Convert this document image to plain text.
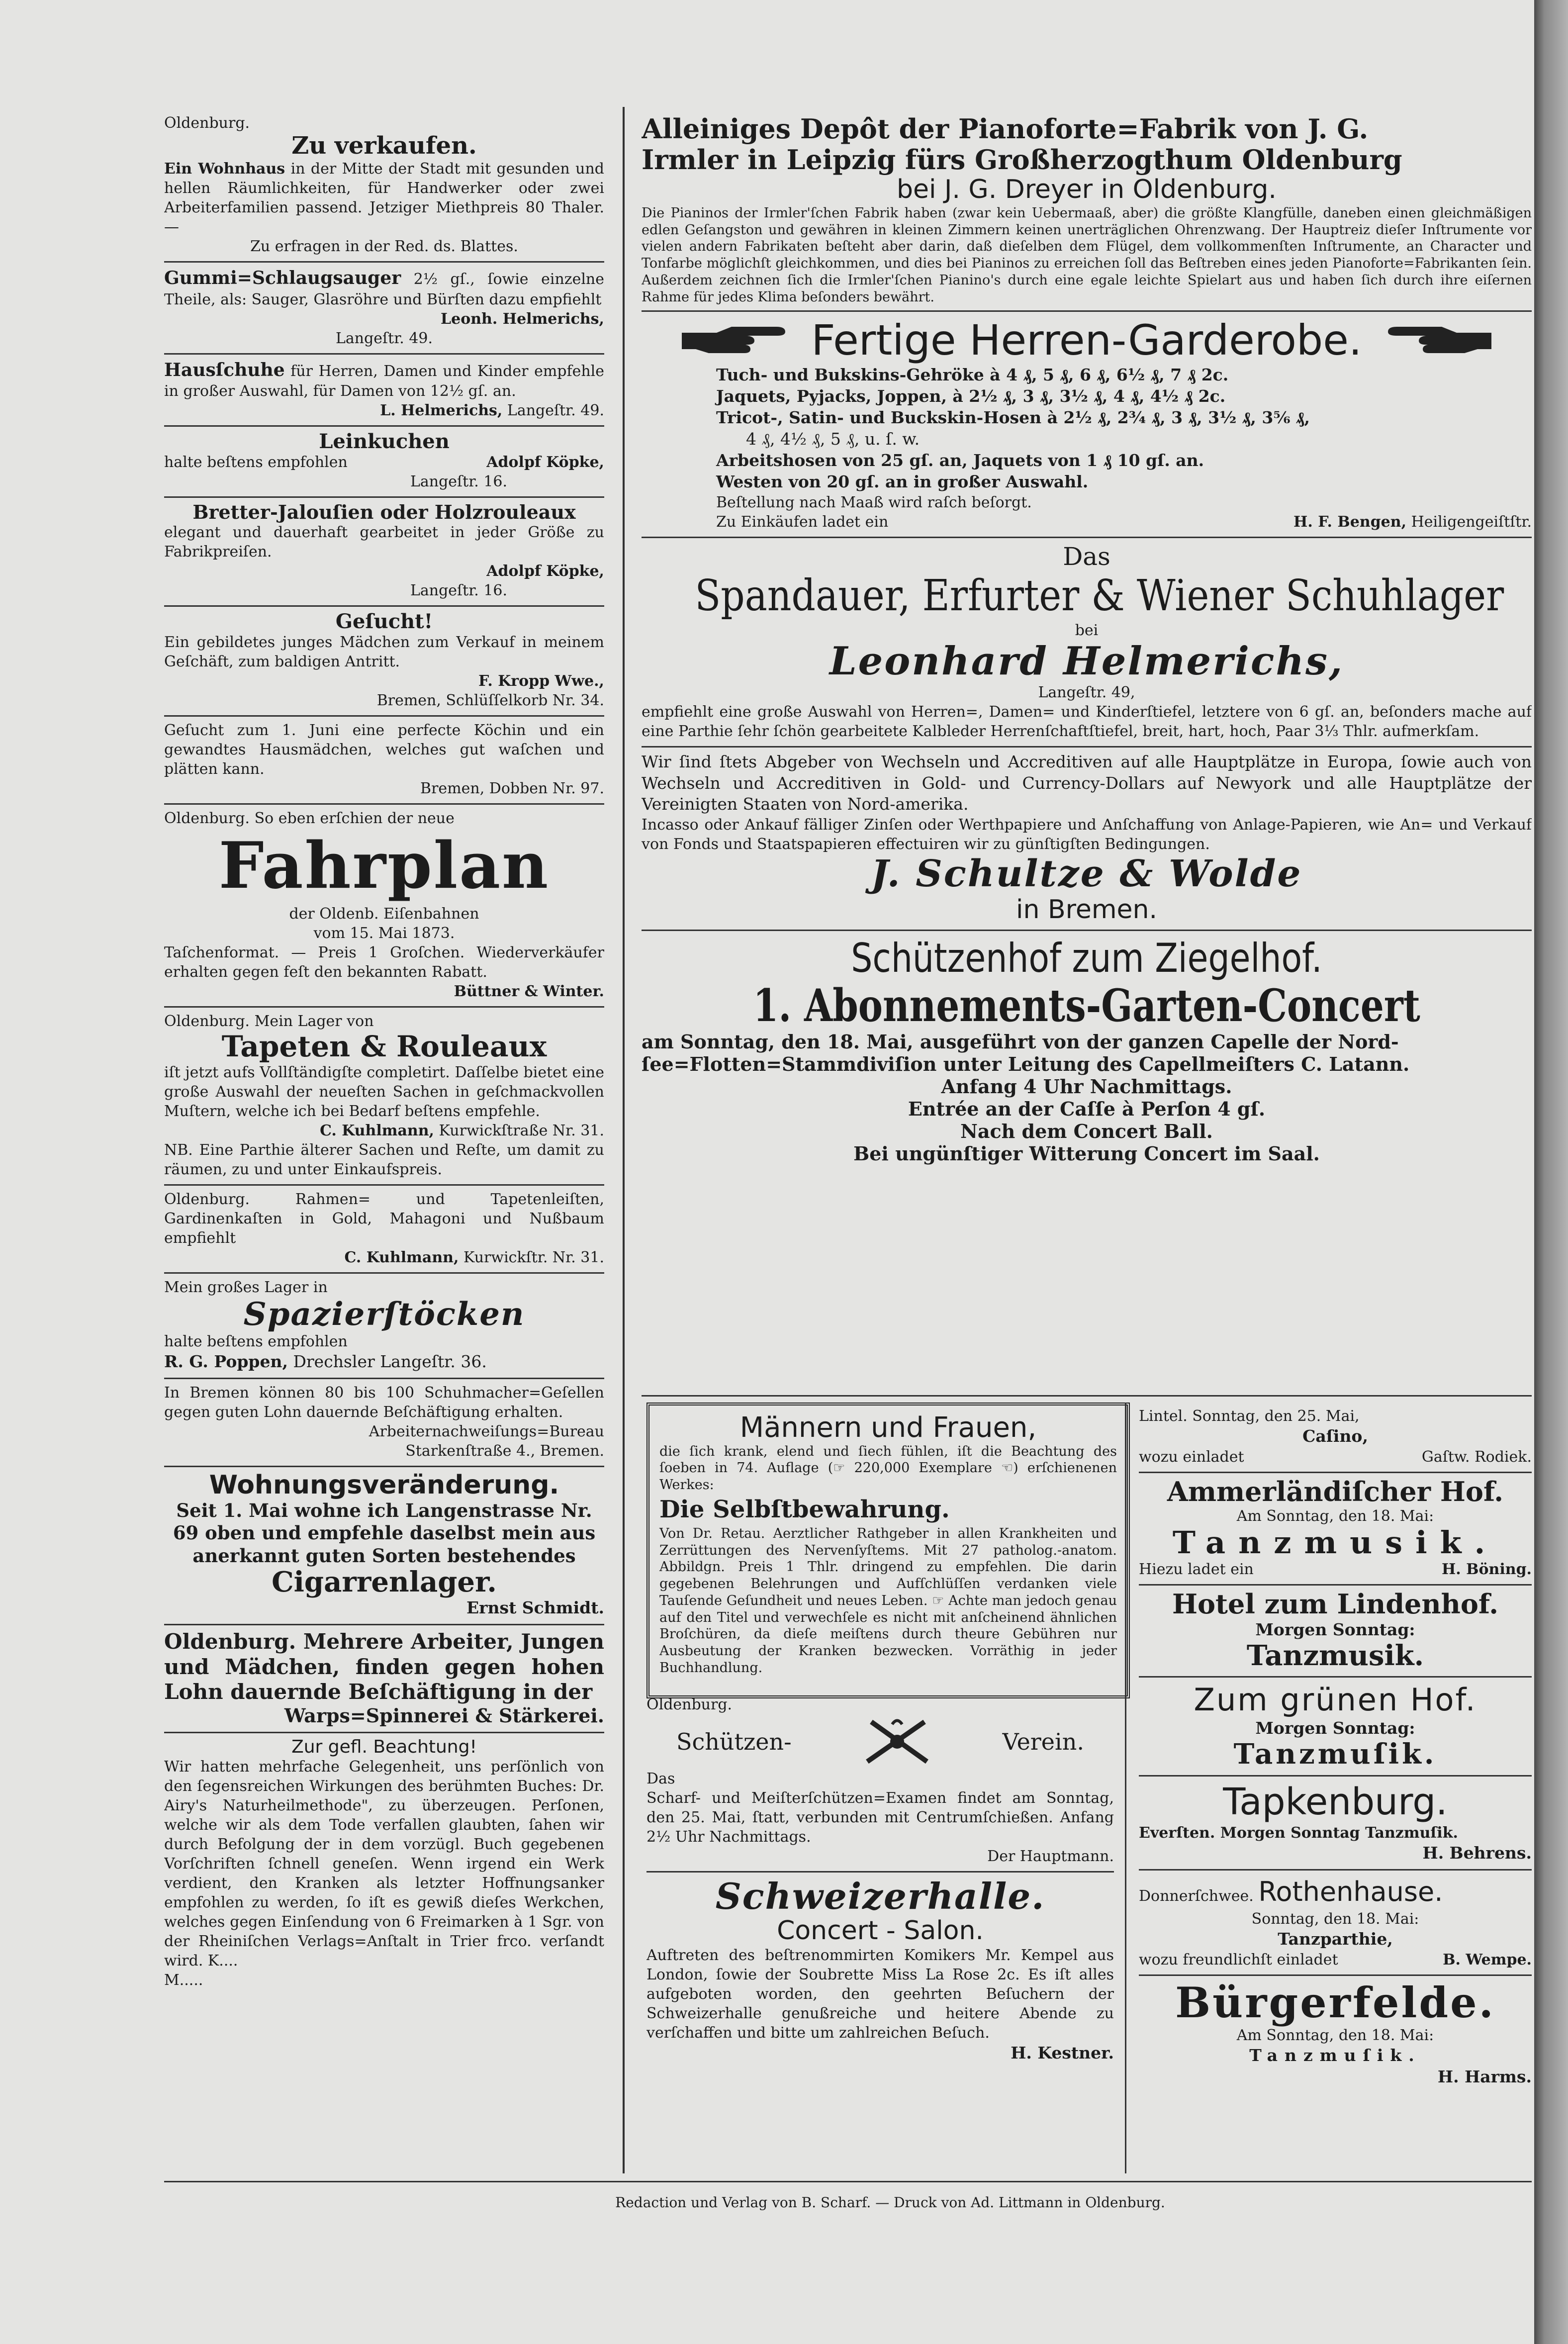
Oldenburg.

Zu verkaufen.

Ein Wohnhaus in der Mitte der Stadt mit gesunden und hellen Räumlichkeiten, für Handwerker oder zwei Arbeiterfamilien passend. Jetziger Miethpreis 80 Thaler. —

Zu erfragen in der Red. ds. Blattes.

Gummi=Schlaugsauger 2½ gſ., ſowie einzelne Theile, als: Sauger, Glasröhre und Bürſten dazu empfiehlt

Leonh. Helmerichs,

Langeſtr. 49.

Hausſchuhe für Herren, Damen und Kinder empfehle in großer Auswahl, für Damen von 12½ gſ. an.

L. Helmerichs, Langeſtr. 49.

Leinkuchen

halte beſtens empfohlen	Adolpf Köpke,

Langeſtr. 16.

Bretter-Jalouſien oder Holzrouleaux

elegant und dauerhaft gearbeitet in jeder Größe zu Fabrikpreiſen.

Adolpf Köpke,

Langeſtr. 16.

Geſucht!

Ein gebildetes junges Mädchen zum Verkauf in meinem Geſchäft, zum baldigen Antritt.

F. Kropp Wwe.,

Bremen, Schlüſſelkorb Nr. 34.

Geſucht zum 1. Juni eine perfecte Köchin und ein gewandtes Hausmädchen, welches gut waſchen und plätten kann.

Bremen, Dobben Nr. 97.

Oldenburg. So eben erſchien der neue

Fahrplan

der Oldenb. Eiſenbahnen

vom 15. Mai 1873.

Taſchenformat. — Preis 1 Groſchen. Wiederverkäufer erhalten gegen feſt den bekannten Rabatt.

Büttner & Winter.

Oldenburg. Mein Lager von

Tapeten & Rouleaux

iſt jetzt aufs Vollſtändigſte completirt. Daſſelbe bietet eine große Auswahl der neueſten Sachen in geſchmackvollen Muſtern, welche ich bei Bedarf beſtens empfehle.

C. Kuhlmann, Kurwickſtraße Nr. 31.

NB. Eine Parthie älterer Sachen und Reſte, um damit zu räumen, zu und unter Einkaufspreis.

Oldenburg. Rahmen= und Tapetenleiſten, Gardinenkaſten in Gold, Mahagoni und Nußbaum empfiehlt

C. Kuhlmann, Kurwickſtr. Nr. 31.

Mein großes Lager in

Spazierſtöcken

halte beſtens empfohlen

R. G. Poppen, Drechsler Langeſtr. 36.

In Bremen können 80 bis 100 Schuhmacher=Geſellen gegen guten Lohn dauernde Beſchäftigung erhalten.

Arbeiternachweiſungs=Bureau

Starkenſtraße 4., Bremen.

Wohnungsveränderung.

Seit 1. Mai wohne ich Langenstrasse Nr. 69 oben und empfehle daselbst mein aus anerkannt guten Sorten bestehendes

Cigarrenlager.

Ernst Schmidt.

Oldenburg. Mehrere Arbeiter, Jungen und Mädchen, finden gegen hohen Lohn dauernde Beſchäftigung in der

Warps=Spinnerei & Stärkerei.

Zur gefl. Beachtung!

Wir hatten mehrfache Gelegenheit, uns perſönlich von den ſegensreichen Wirkungen des berühmten Buches: Dr. Airy's Naturheilmethode", zu überzeugen. Perſonen, welche wir als dem Tode verfallen glaubten, ſahen wir durch Befolgung der in dem vorzügl. Buch gegebenen Vorſchriften ſchnell geneſen. Wenn irgend ein Werk verdient, den Kranken als letzter Hoffnungsanker empfohlen zu werden, ſo iſt es gewiß dieſes Werkchen, welches gegen Einſendung von 6 Freimarken à 1 Sgr. von der Rheiniſchen Verlags=Anſtalt in Trier frco. verſandt wird. K....

M.....

Alleiniges Depôt der Pianoforte=Fabrik von J. G.

Irmler in Leipzig fürs Großherzogthum Oldenburg

bei J. G. Dreyer in Oldenburg.

Die Pianinos der Irmler'ſchen Fabrik haben (zwar kein Uebermaaß, aber) die größte Klangfülle, daneben einen gleichmäßigen edlen Geſangston und gewähren in kleinen Zimmern keinen unerträglichen Ohrenzwang. Der Hauptreiz dieſer Inſtrumente vor vielen andern Fabrikaten beſteht aber darin, daß dieſelben dem Flügel, dem vollkommenſten Inſtrumente, an Character und Tonfarbe möglichſt gleichkommen, und dies bei Pianinos zu erreichen ſoll das Beſtreben eines jeden Pianoforte=Fabrikanten ſein. Außerdem zeichnen ſich die Irmler'ſchen Pianino's durch eine egale leichte Spielart aus und haben ſich durch ihre eiſernen Rahme für jedes Klima beſonders bewährt.

Fertige Herren-Garderobe.

Tuch- und Bukskins-Gehröke à 4 ₰, 5 ₰, 6 ₰, 6½ ₰, 7 ₰ 2c.

Jaquets, Pyjacks, Joppen, à 2½ ₰, 3 ₰, 3½ ₰, 4 ₰, 4½ ₰ 2c.

Tricot-, Satin- und Buckskin-Hosen à 2½ ₰, 2¾ ₰, 3 ₰, 3½ ₰, 3⅚ ₰,

4 ₰, 4½ ₰, 5 ₰, u. ſ. w.

Arbeitshosen von 25 gſ. an, Jaquets von 1 ₰ 10 gſ. an.

Westen von 20 gſ. an in großer Auswahl.

Beſtellung nach Maaß wird raſch beſorgt.

Zu Einkäufen ladet ein	H. F. Bengen, Heiligengeiſtſtr.

Das

Spandauer, Erfurter & Wiener Schuhlager

bei

Leonhard Helmerichs,

Langeſtr. 49,

empfiehlt eine große Auswahl von Herren=, Damen= und Kinderſtiefel, letztere von 6 gſ. an, beſonders mache auf eine Parthie ſehr ſchön gearbeitete Kalbleder Herrenſchaftſtiefel, breit, hart, hoch, Paar 3⅓ Thlr. aufmerkſam.

Wir ſind ſtets Abgeber von Wechseln und Accreditiven auf alle Hauptplätze in Europa, ſowie auch von Wechseln und Accreditiven in Gold- und Currency-Dollars auf Newyork und alle Hauptplätze der Vereinigten Staaten von Nord-amerika.

Incasso oder Ankauf fälliger Zinſen oder Werthpapiere und Anſchaffung von Anlage-Papieren, wie An= und Verkauf von Fonds und Staatspapieren effectuiren wir zu günſtigſten Bedingungen.

J. Schultze & Wolde

in Bremen.

Schützenhof zum Ziegelhof.

1. Abonnements-Garten-Concert

am Sonntag, den 18. Mai, ausgeführt von der ganzen Capelle der Nord-

ſee=Flotten=Stammdiviſion unter Leitung des Capellmeiſters C. Latann.

Anfang 4 Uhr Nachmittags.

Entrée an der Caſſe à Perſon 4 gſ.

Nach dem Concert Ball.

Bei ungünſtiger Witterung Concert im Saal.

Männern und Frauen,

die ſich krank, elend und ſiech fühlen, iſt die Beachtung des ſoeben in 74. Auflage (☞ 220,000 Exemplare ☜) erſchienenen Werkes:

Die Selbſtbewahrung.

Von Dr. Retau. Aerztlicher Rathgeber in allen Krankheiten und Zerrüttungen des Nervenſyſtems. Mit 27 patholog.-anatom. Abbildgn. Preis 1 Thlr. dringend zu empfehlen. Die darin gegebenen Belehrungen und Aufſchlüſſen verdanken viele Tauſende Geſundheit und neues Leben. ☞ Achte man jedoch genau auf den Titel und verwechſele es nicht mit anſcheinend ähnlichen Broſchüren, da dieſe meiſtens durch theure Gebühren nur Ausbeutung der Kranken bezwecken. Vorräthig in jeder Buchhandlung.

Oldenburg.

Schützen-	Verein.

Das

Scharf- und Meiſterſchützen=Examen findet am Sonntag, den 25. Mai, ſtatt, verbunden mit Centrumſchießen. Anfang 2½ Uhr Nachmittags.

Der Hauptmann.

Schweizerhalle.

Concert - Salon.

Auftreten des beſtrenommirten Komikers Mr. Kempel aus London, ſowie der Soubrette Miss La Rose 2c. Es iſt alles aufgeboten worden, den geehrten Beſuchern der Schweizerhalle genußreiche und heitere Abende zu verſchaffen und bitte um zahlreichen Beſuch.

H. Kestner.

Lintel. Sonntag, den 25. Mai,

Caſino,

wozu einladet	Gaſtw. Rodiek.

Ammerländiſcher Hof.

Am Sonntag, den 18. Mai:

Tanzmusik.

Hiezu ladet ein	H. Böning.

Hotel zum Lindenhof.

Morgen Sonntag:

Tanzmusik.

Zum grünen Hof.

Morgen Sonntag:

Tanzmuſik.

Tapkenburg.

Everſten. Morgen Sonntag Tanzmuſik.

H. Behrens.

Donnerſchwee. Rothenhause.

Sonntag, den 18. Mai:

Tanzparthie,

wozu freundlichſt einladet	B. Wempe.

Bürgerfelde.

Am Sonntag, den 18. Mai:

Tanzmuſik.

H. Harms.

Redaction und Verlag von B. Scharf. — Druck von Ad. Littmann in Oldenburg.
